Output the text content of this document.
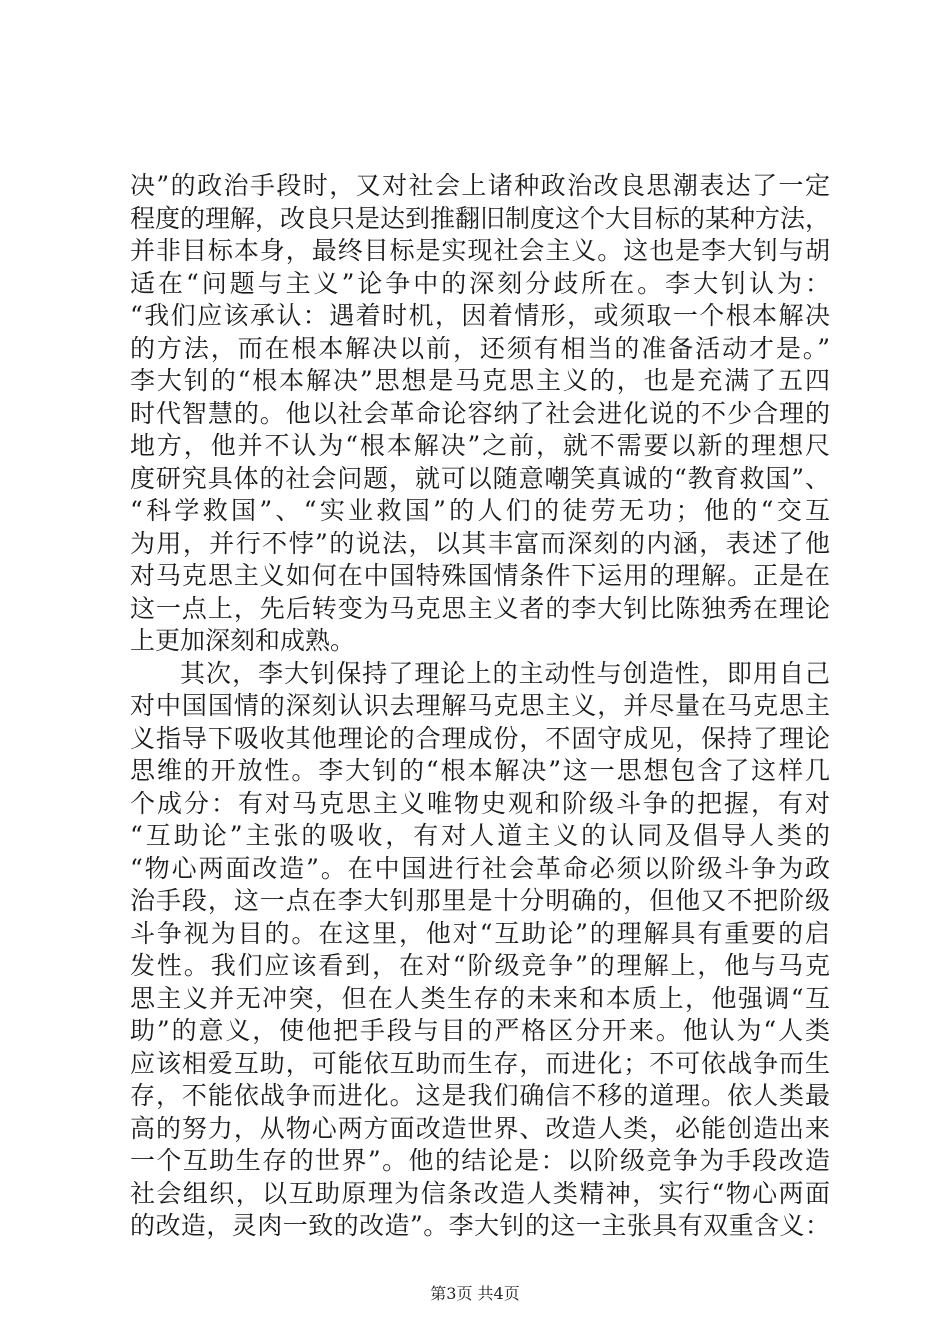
决”的政治手段时，又对社会上诸种政治改良思潮表达了一定
程度的理解，改良只是达到推翻旧制度这个大目标的某种方法，
并非目标本身，最终目标是实现社会主义。这也是李大钊与胡
适在“问题与主义”论争中的深刻分歧所在。李大钊认为：
“我们应该承认：遇着时机，因着情形，或须取一个根本解决
的方法，而在根本解决以前，还须有相当的准备活动才是。”
李大钊的“根本解决”思想是马克思主义的，也是充满了五四
时代智慧的。他以社会革命论容纳了社会进化说的不少合理的
地方，他并不认为“根本解决”之前，就不需要以新的理想尺
度研究具体的社会问题，就可以随意嘲笑真诚的“教育救国”、
“科学救国”、“实业救国”的人们的徒劳无功；他的“交互
为用，并行不悖”的说法，以其丰富而深刻的内涵，表述了他
对马克思主义如何在中国特殊国情条件下运用的理解。正是在
这一点上，先后转变为马克思主义者的李大钊比陈独秀在理论
上更加深刻和成熟。
其次，李大钊保持了理论上的主动性与创造性，即用自己
对中国国情的深刻认识去理解马克思主义，并尽量在马克思主
义指导下吸收其他理论的合理成份，不固守成见，保持了理论
思维的开放性。李大钊的“根本解决”这一思想包含了这样几
个成分：有对马克思主义唯物史观和阶级斗争的把握，有对
“互助论”主张的吸收，有对人道主义的认同及倡导人类的
“物心两面改造”。在中国进行社会革命必须以阶级斗争为政
治手段，这一点在李大钊那里是十分明确的，但他又不把阶级
斗争视为目的。在这里，他对“互助论”的理解具有重要的启
发性。我们应该看到，在对“阶级竞争”的理解上，他与马克
思主义并无冲突，但在人类生存的未来和本质上，他强调“互
助”的意义，使他把手段与目的严格区分开来。他认为“人类
应该相爱互助，可能依互助而生存，而进化；不可依战争而生
存，不能依战争而进化。这是我们确信不移的道理。依人类最
高的努力，从物心两方面改造世界、改造人类，必能创造出来
一个互助生存的世界”。他的结论是：以阶级竞争为手段改造
社会组织，以互助原理为信条改造人类精神，实行“物心两面
的改造，灵肉一致的改造”。李大钊的这一主张具有双重含义：
第3页 共4页
